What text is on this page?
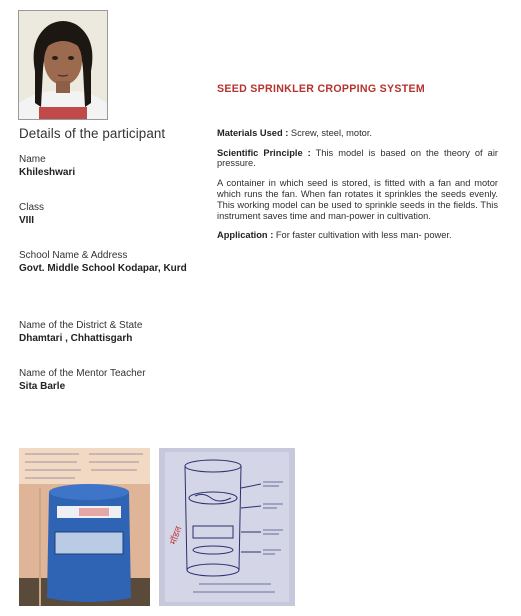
Details of the participant
Name
Khileshwari
Class
VIII
School Name & Address
Govt. Middle School Kodapar, Kurd
Name of the District & State
Dhamtari , Chhattisgarh
Name of the Mentor Teacher
Sita Barle
SEED SPRINKLER CROPPING SYSTEM

Materials Used : Screw, steel, motor.

Scientific Principle : This model is based on the theory of air pressure.

A container in which seed is stored, is fitted with a fan and motor which runs the fan. When fan rotates it sprinkles the seeds evenly. This working model can be used to sprinkle seeds in the fields. This instrument saves time and man-power in cultivation.

Application : For faster cultivation with less man- power.

मॉडल
